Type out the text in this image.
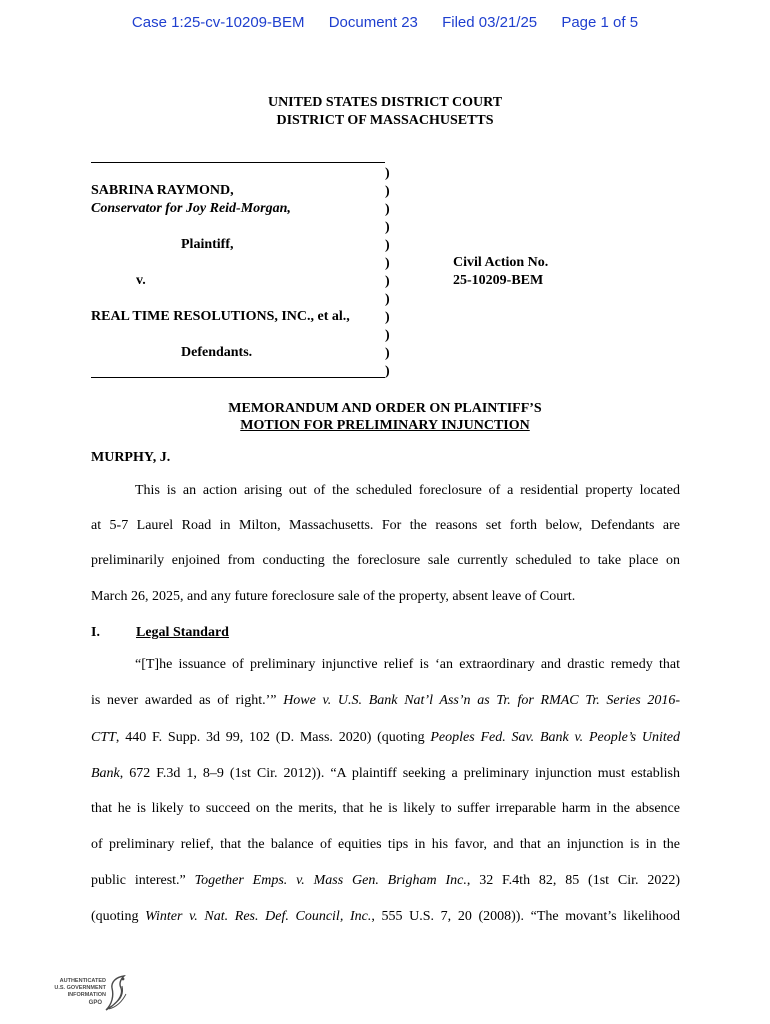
Case 1:25-cv-10209-BEM Document 23 Filed 03/21/25 Page 1 of 5
UNITED STATES DISTRICT COURT
DISTRICT OF MASSACHUSETTS
)
)
)
)
)
)
)
)
)
)
)
)
SABRINA RAYMOND,
Conservator for Joy Reid-Morgan,
Plaintiff,
v.
REAL TIME RESOLUTIONS, INC., et al.,
Defendants.
Civil Action No.
25-10209-BEM
MEMORANDUM AND ORDER ON PLAINTIFF’S
MOTION FOR PRELIMINARY INJUNCTION
MURPHY, J.
This is an action arising out of the scheduled foreclosure of a residential property located
at 5-7 Laurel Road in Milton, Massachusetts. For the reasons set forth below, Defendants are
preliminarily enjoined from conducting the foreclosure sale currently scheduled to take place on
March 26, 2025, and any future foreclosure sale of the property, absent leave of Court.
I.	Legal Standard
“[T]he issuance of preliminary injunctive relief is ‘an extraordinary and drastic remedy that
is never awarded as of right.’” Howe v. U.S. Bank Nat’l Ass’n as Tr. for RMAC Tr. Series 2016-
CTT, 440 F. Supp. 3d 99, 102 (D. Mass. 2020) (quoting Peoples Fed. Sav. Bank v. People’s United
Bank, 672 F.3d 1, 8–9 (1st Cir. 2012)). “A plaintiff seeking a preliminary injunction must establish
that he is likely to succeed on the merits, that he is likely to suffer irreparable harm in the absence
of preliminary relief, that the balance of equities tips in his favor, and that an injunction is in the
public interest.” Together Emps. v. Mass Gen. Brigham Inc., 32 F.4th 82, 85 (1st Cir. 2022)
(quoting Winter v. Nat. Res. Def. Council, Inc., 555 U.S. 7, 20 (2008)). “The movant’s likelihood
AUTHENTICATED
U.S. GOVERNMENT
INFORMATION
GPO
